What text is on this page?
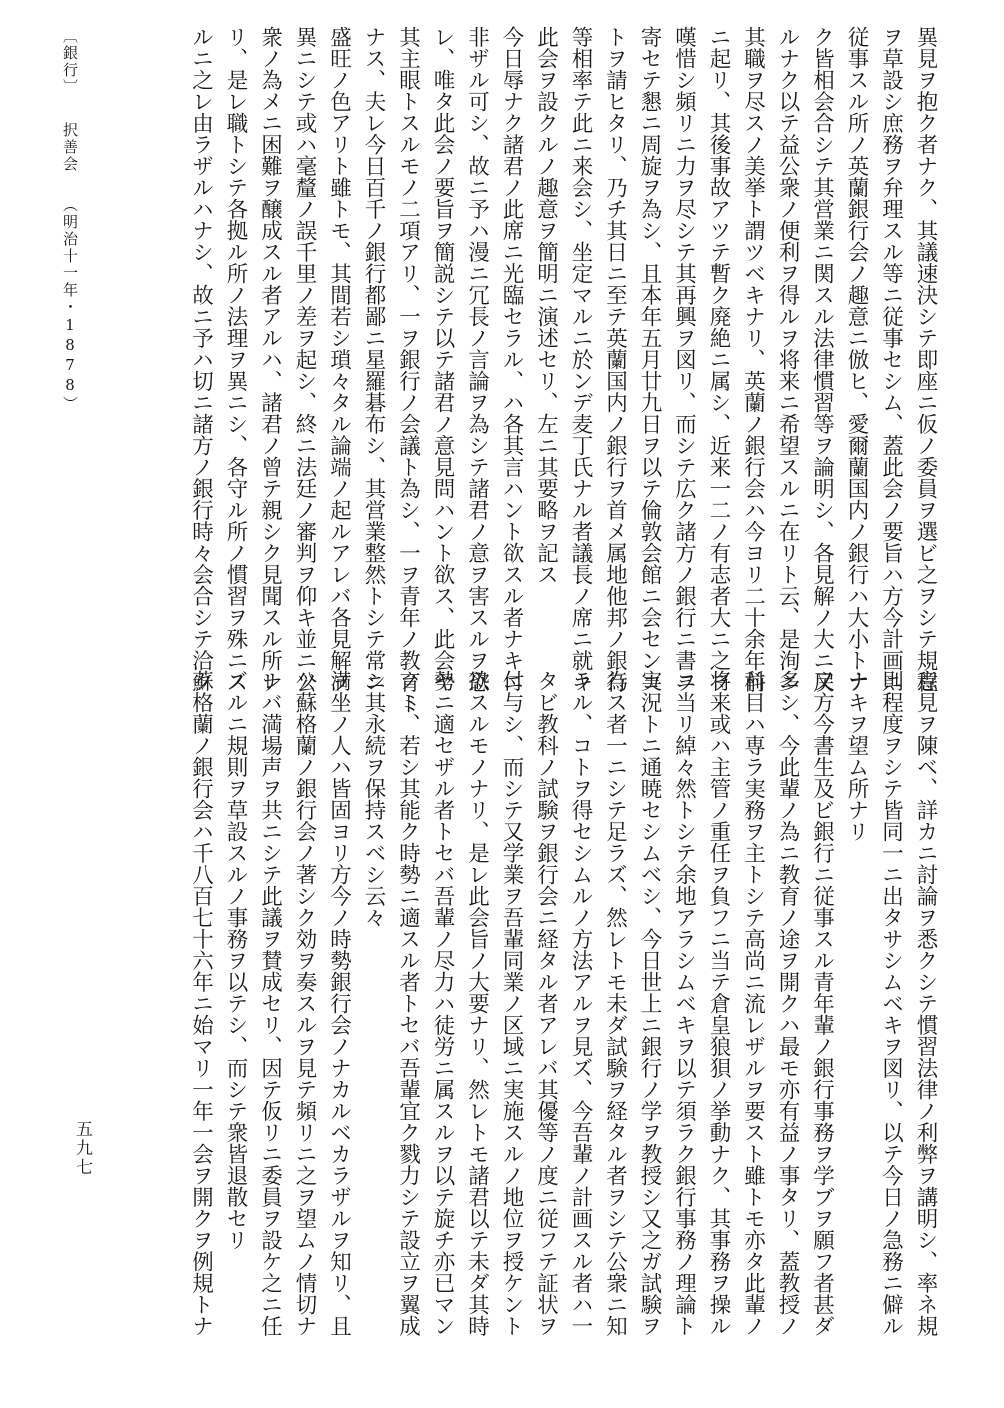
〔銀行〕択善会（明治十一年・1878）	異見ヲ抱ク者ナク、其議速決シテ即座ニ仮ノ委員ヲ選ビ之ヲシテ規程
ヲ草設シ庶務ヲ弁理スル等ニ従事セシム、蓋此会ノ要旨ハ方今計画ニ
従事スル所ノ英蘭銀行会ノ趣意ニ倣ヒ、愛爾蘭国内ノ銀行ハ大小トナ
ク皆相会合シテ其営業ニ関スル法律慣習等ヲ論明シ、各見解ノ大ニ戻
ルナク以テ益公衆ノ便利ヲ得ルヲ将来ニ希望スルニ在リト云、是洵ニ
其職ヲ尽スノ美挙ト謂ツベキナリ、英蘭ノ銀行会ハ今ヨリ二十余年前
ニ起リ、其後事故アツテ暫ク廃絶ニ属シ、近来一二ノ有志者大ニ之ヲ
嘆惜シ頻リニ力ヲ尽シテ其再興ヲ図リ、而シテ広ク諸方ノ銀行ニ書ヲ
寄セテ懇ニ周旋ヲ為シ、且本年五月廿九日ヲ以テ倫敦会館ニ会センコ
トヲ請ヒタリ、乃チ其日ニ至テ英蘭国内ノ銀行ヲ首メ属地他邦ノ銀行
等相率テ此ニ来会シ、坐定マルニ於ンデ麦丁氏ナル者議長ノ席ニ就キ
此会ヲ設クルノ趣意ヲ簡明ニ演述セリ、左ニ其要略ヲ記ス
今日辱ナク諸君ノ此席ニ光臨セラル、ハ各其言ハント欲スル者ナキニ
非ザル可シ、故ニ予ハ漫ニ冗長ノ言論ヲ為シテ諸君ノ意ヲ害スルヲ恐
レ、唯タ此会ノ要旨ヲ簡説シテ以テ諸君ノ意見問ハント欲ス、此会ヤ
其主眼トスルモノ二項アリ、一ヲ銀行ノ会議ト為シ、一ヲ青年ノ教育ト
ナス、夫レ今日百千ノ銀行都鄙ニ星羅碁布シ、其営業整然トシテ常ニ
盛旺ノ色アリト雖トモ、其間若シ瑣々タル論端ノ起ルアレバ各見解ヲ
異ニシテ或ハ毫釐ノ誤千里ノ差ヲ起シ、終ニ法廷ノ審判ヲ仰キ並ニ公
衆ノ為メニ困難ヲ醸成スル者アルハ、諸君ノ曾テ親シク見聞スル所ナ
リ、是レ職トシテ各拠ル所ノ法理ヲ異ニシ、各守ル所ノ慣習ヲ殊ニス
ルニ之レ由ラザルハナシ、故ニ予ハ切ニ諸方ノ銀行時々会合シテ洽ク
意見ヲ陳ベ、詳カニ討論ヲ悉クシテ慣習法律ノ利弊ヲ講明シ、率ネ規
則程度ヲシテ皆同一ニ出タサシムベキヲ図リ、以テ今日ノ急務ニ僻ル
ナキヲ望ム所ナリ
又方今書生及ビ銀行ニ従事スル青年輩ノ銀行事務ヲ学ブヲ願フ者甚ダ
多シ、今此輩ノ為ニ教育ノ途ヲ開クハ最モ亦有益ノ事タリ、蓋教授ノ
科目ハ専ラ実務ヲ主トシテ高尚ニ流レザルヲ要スト雖トモ亦タ此輩ノ
将来或ハ主管ノ重任ヲ負フニ当テ倉皇狼狽ノ挙動ナク、其事務ヲ操ル
ニ当リ綽々然トシテ余地アラシムベキヲ以テ須ラク銀行事務ノ理論ト
実況トニ通暁セシムベシ、今日世上ニ銀行ノ学ヲ教授シ又之ガ試験ヲ
為ス者一ニシテ足ラズ、然レトモ未ダ試験ヲ経タル者ヲシテ公衆ニ知
ラル、コトヲ得セシムルノ方法アルヲ見ズ、今吾輩ノ計画スル者ハ一
タビ教科ノ試験ヲ銀行会ニ経タル者アレバ其優等ノ度ニ従フテ証状ヲ
付与シ、而シテ又学業ヲ吾輩同業ノ区域ニ実施スルノ地位ヲ授ケント
欲スルモノナリ、是レ此会旨ノ大要ナリ、然レトモ諸君以テ未ダ其時
勢ニ適セザル者トセバ吾輩ノ尽力ハ徒労ニ属スルヲ以テ旋チ亦已マン
ノミ、若シ其能ク時勢ニ適スル者トセバ吾輩宜ク戮力シテ設立ヲ翼成
シ其永続ヲ保持スベシ云々
満坐ノ人ハ皆固ヨリ方今ノ時勢銀行会ノナカルベカラザルヲ知リ、且
ツ蘇格蘭ノ銀行会ノ著シク効ヲ奏スルヲ見テ頻リニ之ヲ望ムノ情切ナ
レバ満場声ヲ共ニシテ此議ヲ賛成セリ、因テ仮リニ委員ヲ設ケ之ニ任
ズルニ規則ヲ草設スルノ事務ヲ以テシ、而シテ衆皆退散セリ
蘇格蘭ノ銀行会ハ千八百七十六年ニ始マリ一年一会ヲ開クヲ例規トナ
五九七
